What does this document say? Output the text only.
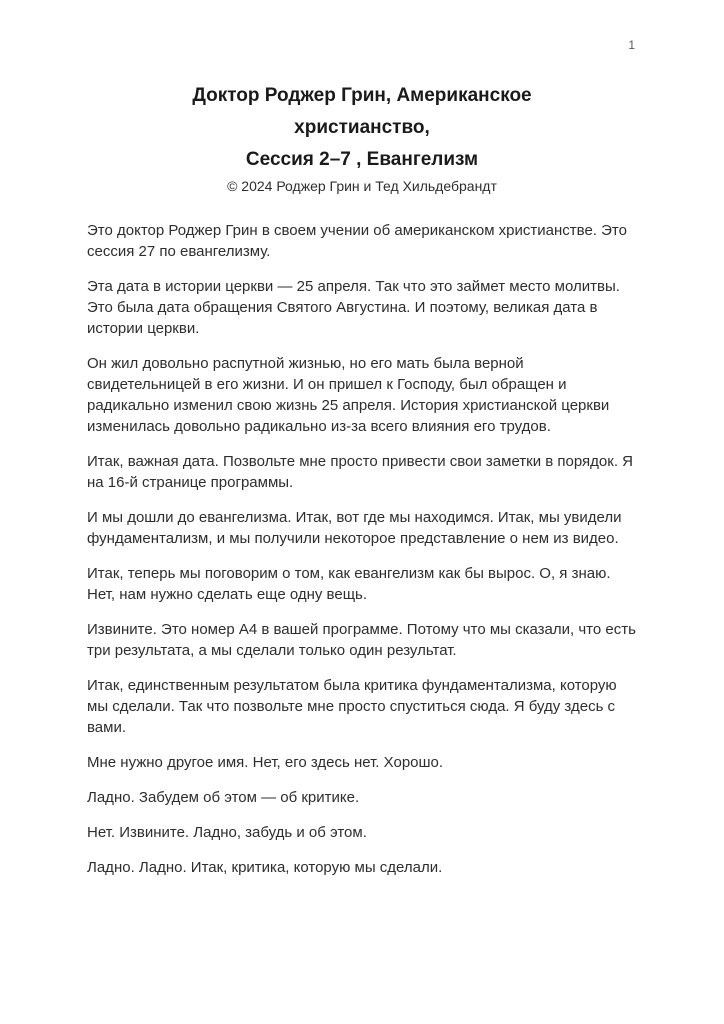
1
Доктор Роджер Грин, Американское
христианство,
Сессия 2–7 , Евангелизм
© 2024 Роджер Грин и Тед Хильдебрандт

Это доктор Роджер Грин в своем учении об американском христианстве. Это сессия 27 по евангелизму.

Эта дата в истории церкви — 25 апреля. Так что это займет место молитвы. Это была дата обращения Святого Августина. И поэтому, великая дата в истории церкви.

Он жил довольно распутной жизнью, но его мать была верной свидетельницей в его жизни. И он пришел к Господу, был обращен и радикально изменил свою жизнь 25 апреля. История христианской церкви изменилась довольно радикально из-за всего влияния его трудов.

Итак, важная дата. Позвольте мне просто привести свои заметки в порядок. Я на 16-й странице программы.

И мы дошли до евангелизма. Итак, вот где мы находимся. Итак, мы увидели фундаментализм, и мы получили некоторое представление о нем из видео.

Итак, теперь мы поговорим о том, как евангелизм как бы вырос. О, я знаю. Нет, нам нужно сделать еще одну вещь.

Извините. Это номер А4 в вашей программе. Потому что мы сказали, что есть три результата, а мы сделали только один результат.

Итак, единственным результатом была критика фундаментализма, которую мы сделали. Так что позвольте мне просто спуститься сюда. Я буду здесь с вами.

Мне нужно другое имя. Нет, его здесь нет. Хорошо.

Ладно. Забудем об этом — об критике.

Нет. Извините. Ладно, забудь и об этом.

Ладно. Ладно. Итак, критика, которую мы сделали.
